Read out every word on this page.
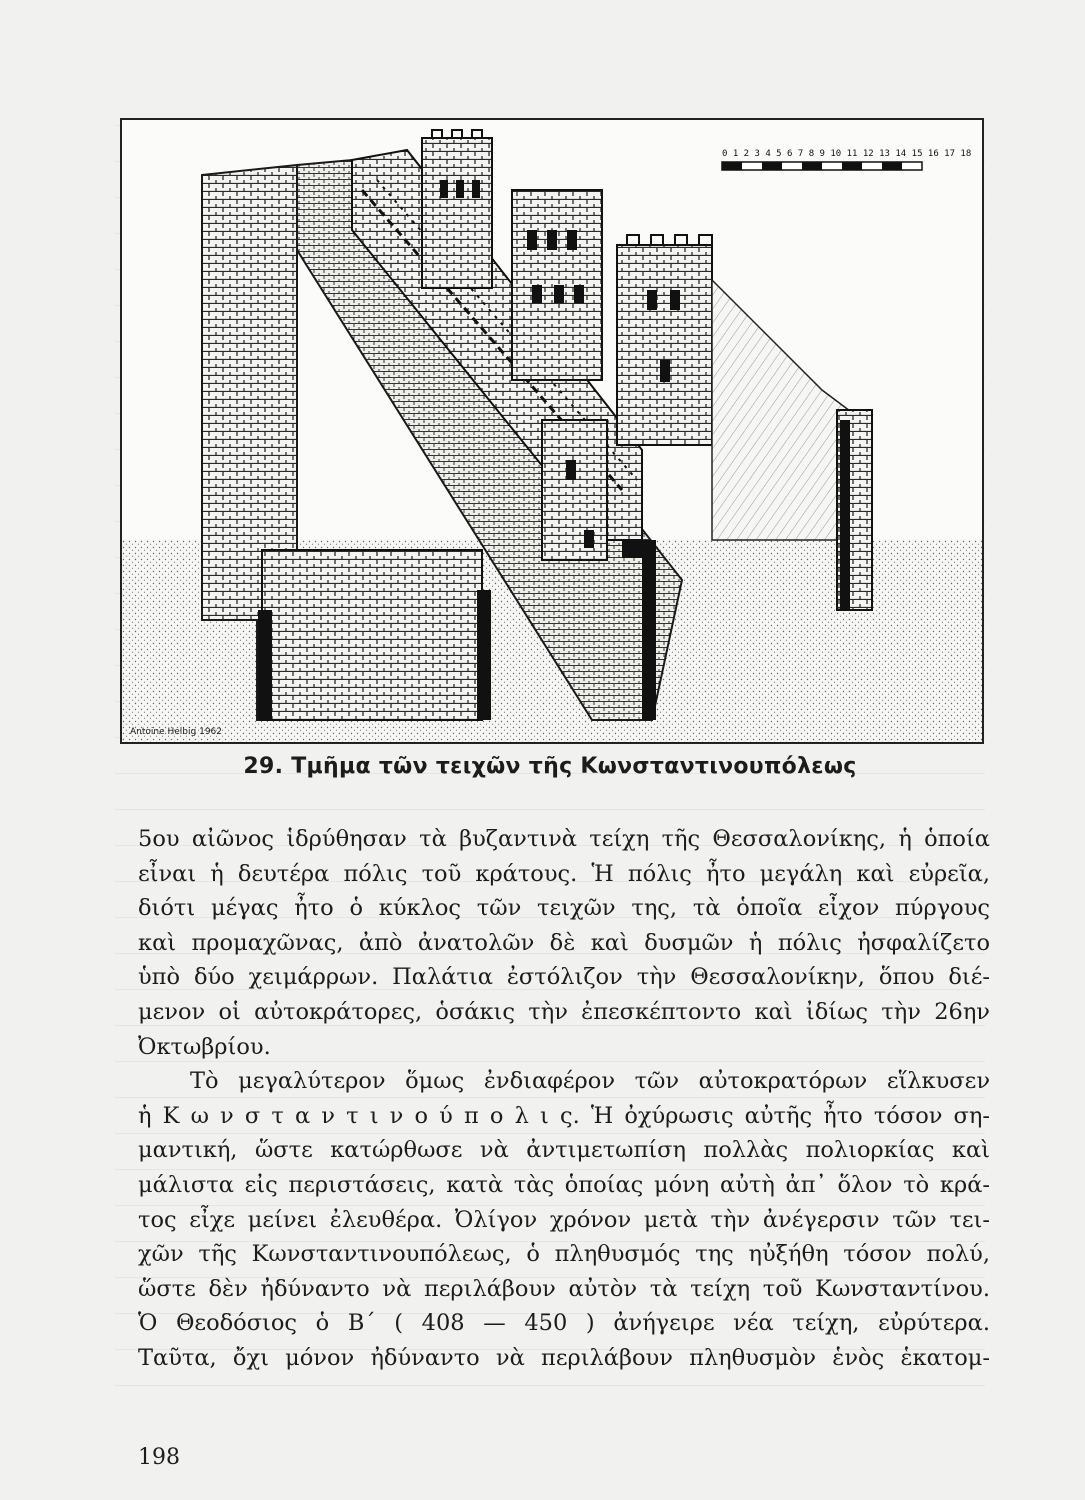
0 1 2 3 4 5 6 7 8 9 10 11 12 13 14 15 16 17 18
Antoine Helbig 1962
29. Τμῆμα τῶν τειχῶν τῆς Κωνσταντινουπόλεως
5ου αἰῶνος ἱδρύθησαν τὰ βυζαντινὰ τείχη τῆς Θεσσαλονίκης, ἡ ὁποία
εἶναι ἡ δευτέρα πόλις τοῦ κράτους. Ἡ πόλις ἦτο μεγάλη καὶ εὐρεῖα,
διότι μέγας ἦτο ὁ κύκλος τῶν τειχῶν της, τὰ ὁποῖα εἶχον πύργους
καὶ προμαχῶνας, ἀπὸ ἀνατολῶν δὲ καὶ δυσμῶν ἡ πόλις ἠσφαλίζετο
ὑπὸ δύο χειμάρρων. Παλάτια ἐστόλιζον τὴν Θεσσαλονίκην, ὅπου διέ-
μενον οἱ αὐτοκράτορες, ὁσάκις τὴν ἐπεσκέπτοντο καὶ ἰδίως τὴν 26ην
Ὀκτωβρίου.
Τὸ μεγαλύτερον ὅμως ἐνδιαφέρον τῶν αὐτοκρατόρων εἵλκυσεν
ἡ Κ ω ν σ τ α ν τ ι ν ο ύ π ο λ ι ς. Ἡ ὀχύρωσις αὐτῆς ἦτο τόσον ση-
μαντική, ὥστε κατώρθωσε νὰ ἀντιμετωπίση πολλὰς πολιορκίας καὶ
μάλιστα εἰς περιστάσεις, κατὰ τὰς ὁποίας μόνη αὐτὴ ἀπ᾽ ὅλον τὸ κρά-
τος εἶχε μείνει ἐλευθέρα. Ὀλίγον χρόνον μετὰ τὴν ἀνέγερσιν τῶν τει-
χῶν τῆς Κωνσταντινουπόλεως, ὁ πληθυσμός της ηὐξήθη τόσον πολύ,
ὥστε δὲν ἠδύναντο νὰ περιλάβουν αὐτὸν τὰ τείχη τοῦ Κωνσταντίνου.
Ὁ Θεοδόσιος ὁ Β΄ ( 408 — 450 ) ἀνήγειρε νέα τείχη, εὐρύτερα.
Ταῦτα, ὄχι μόνον ἠδύναντο νὰ περιλάβουν πληθυσμὸν ἑνὸς ἑκατομ-
198
